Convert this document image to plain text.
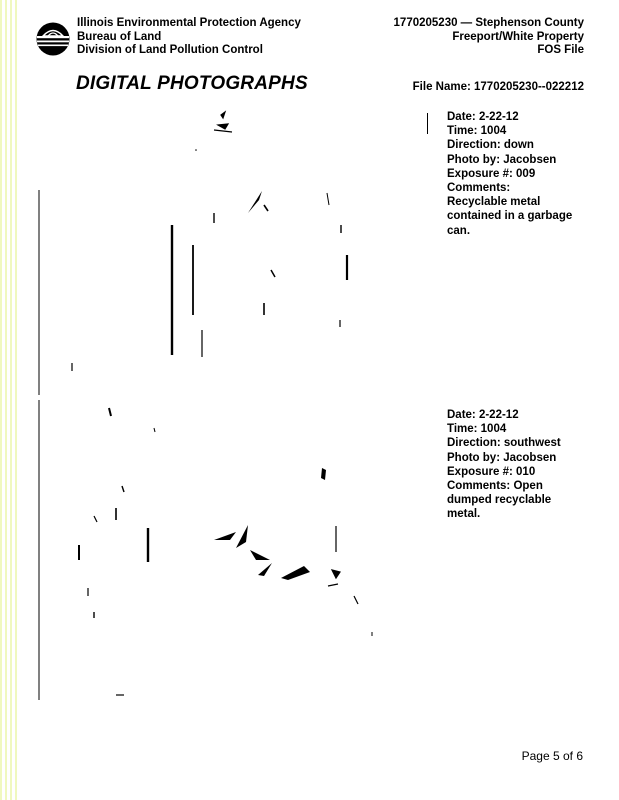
Illinois Environmental Protection Agency
Bureau of Land
Division of Land Pollution Control
1770205230 — Stephenson County
Freeport/White Property
FOS File
DIGITAL PHOTOGRAPHS	File Name: 1770205230--022212
Date: 2-22-12
Time: 1004
Direction: down
Photo by: Jacobsen
Exposure #: 009
Comments:
Recyclable metal contained in a garbage can.
Date: 2-22-12
Time: 1004
Direction: southwest
Photo by: Jacobsen
Exposure #: 010
Comments: Open
dumped recyclable metal.
Page 5 of 6
